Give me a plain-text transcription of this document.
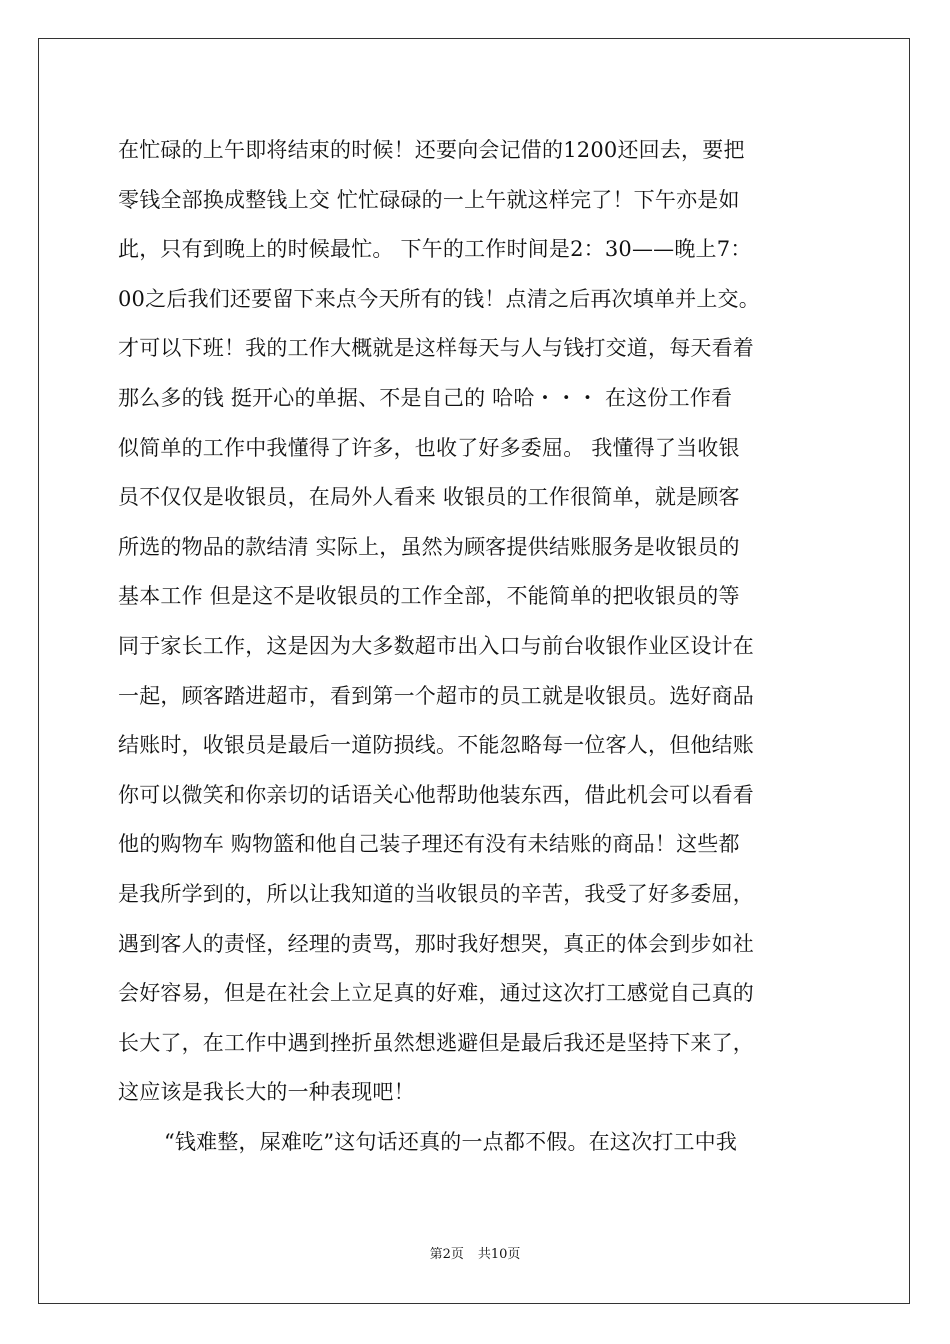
在忙碌的上午即将结束的时候！还要向会记借的1200还回去，要把
零钱全部换成整钱上交 忙忙碌碌的一上午就这样完了！下午亦是如
此，只有到晚上的时候最忙。 下午的工作时间是2：30——晚上7：
00之后我们还要留下来点今天所有的钱！点清之后再次填单并上交。
才可以下班！我的工作大概就是这样每天与人与钱打交道，每天看着
那么多的钱 挺开心的单据、不是自己的 哈哈・・・ 在这份工作看
似简单的工作中我懂得了许多，也收了好多委屈。 我懂得了当收银
员不仅仅是收银员，在局外人看来 收银员的工作很简单，就是顾客
所选的物品的款结清 实际上，虽然为顾客提供结账服务是收银员的
基本工作 但是这不是收银员的工作全部，不能简单的把收银员的等
同于家长工作，这是因为大多数超市出入口与前台收银作业区设计在
一起，顾客踏进超市，看到第一个超市的员工就是收银员。选好商品
结账时，收银员是最后一道防损线。不能忽略每一位客人，但他结账
你可以微笑和你亲切的话语关心他帮助他装东西，借此机会可以看看
他的购物车 购物篮和他自己装子理还有没有未结账的商品！这些都
是我所学到的，所以让我知道的当收银员的辛苦，我受了好多委屈，
遇到客人的责怪，经理的责骂，那时我好想哭，真正的体会到步如社
会好容易，但是在社会上立足真的好难，通过这次打工感觉自己真的
长大了，在工作中遇到挫折虽然想逃避但是最后我还是坚持下来了，
这应该是我长大的一种表现吧！
“钱难整，屎难吃”这句话还真的一点都不假。在这次打工中我
第2页 共10页
